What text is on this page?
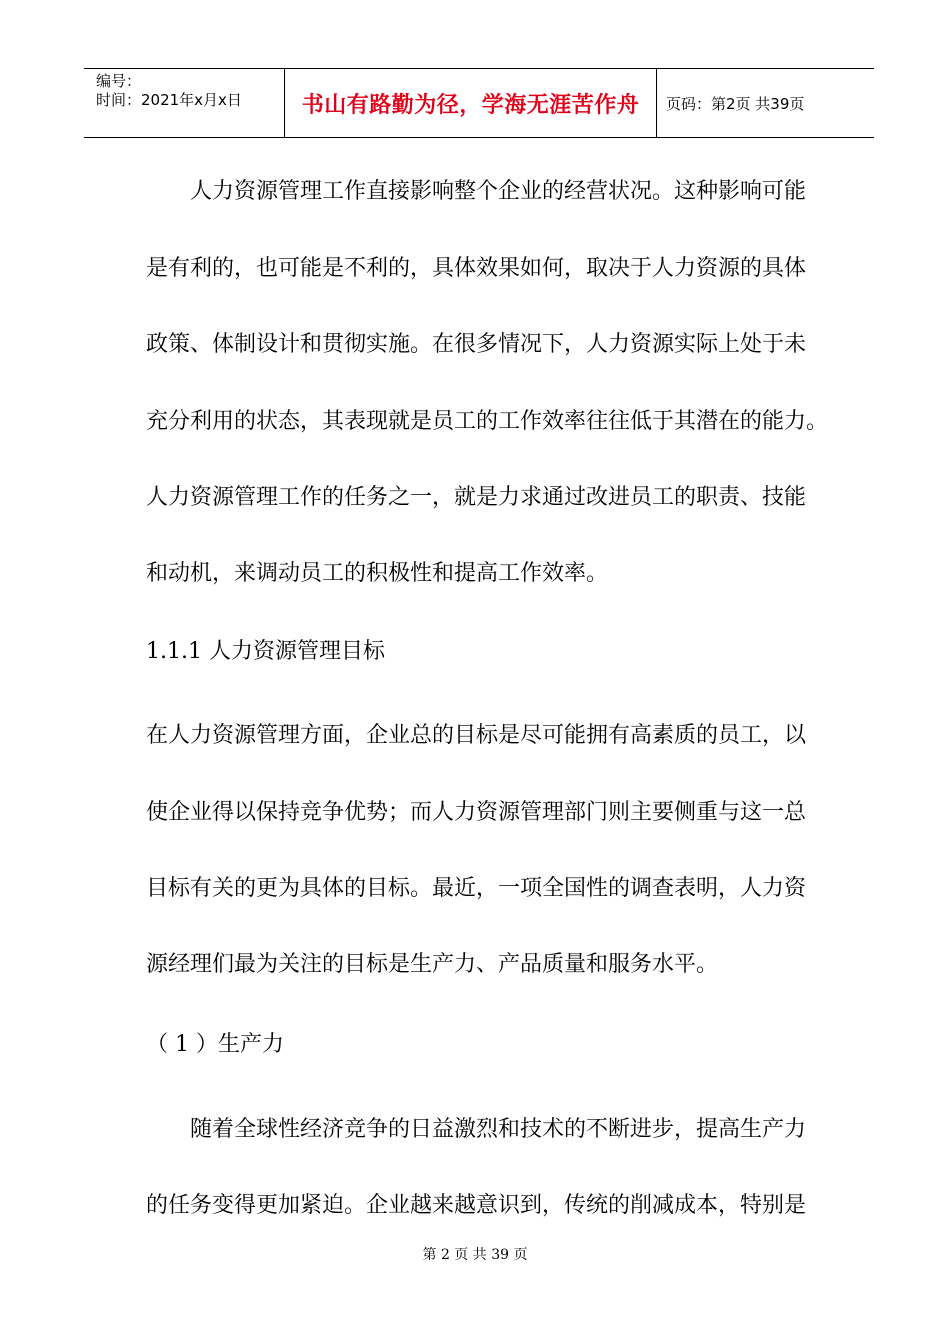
编号：
时间：2021年x月x日	书山有路勤为径，学海无涯苦作舟 页码：第2页 共39页
　　人力资源管理工作直接影响整个企业的经营状况。这种影响可能
是有利的，也可能是不利的，具体效果如何，取决于人力资源的具体
政策、体制设计和贯彻实施。在很多情况下，人力资源实际上处于未
充分利用的状态，其表现就是员工的工作效率往往低于其潜在的能力。
人力资源管理工作的任务之一，就是力求通过改进员工的职责、技能
和动机，来调动员工的积极性和提高工作效率。
1.1.1 人力资源管理目标
在人力资源管理方面，企业总的目标是尽可能拥有高素质的员工，以
使企业得以保持竞争优势；而人力资源管理部门则主要侧重与这一总
目标有关的更为具体的目标。最近，一项全国性的调查表明，人力资
源经理们最为关注的目标是生产力、产品质量和服务水平。
（ 1 ）生产力
　　随着全球性经济竞争的日益激烈和技术的不断进步，提高生产力
的任务变得更加紧迫。企业越来越意识到，传统的削减成本，特别是
第 2 页 共 39 页
